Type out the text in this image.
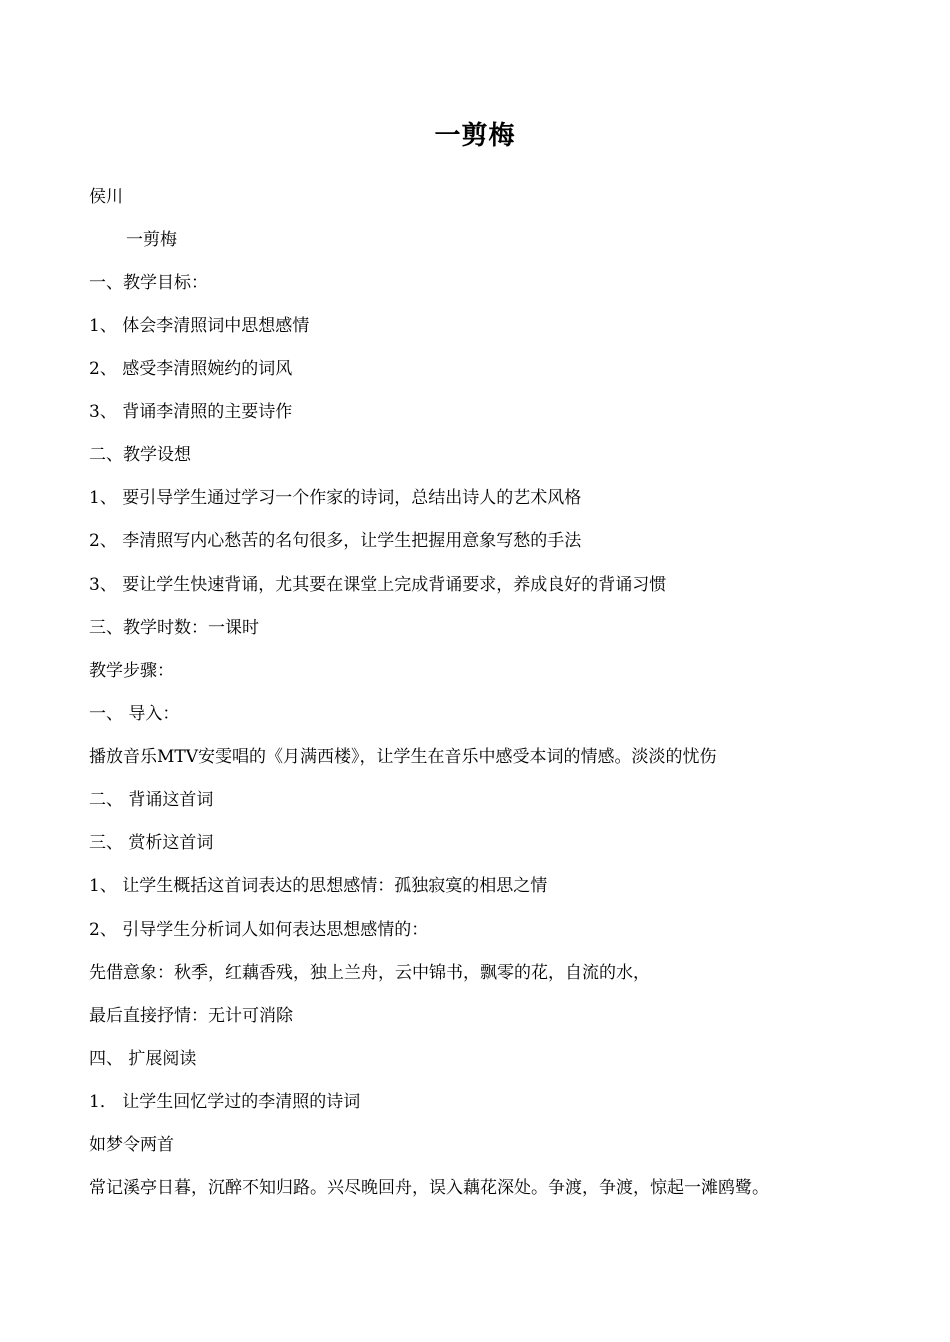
一剪梅
侯川
一剪梅
一、教学目标：
1、 体会李清照词中思想感情
2、 感受李清照婉约的词风
3、 背诵李清照的主要诗作
二、教学设想
1、 要引导学生通过学习一个作家的诗词，总结出诗人的艺术风格
2、 李清照写内心愁苦的名句很多，让学生把握用意象写愁的手法
3、 要让学生快速背诵，尤其要在课堂上完成背诵要求，养成良好的背诵习惯
三、教学时数：一课时
教学步骤：
一、 导入：
播放音乐MTV安雯唱的《月满西楼》，让学生在音乐中感受本词的情感。淡淡的忧伤
二、 背诵这首词
三、 赏析这首词
1、 让学生概括这首词表达的思想感情：孤独寂寞的相思之情
2、 引导学生分析词人如何表达思想感情的：
先借意象：秋季，红藕香残，独上兰舟，云中锦书，飘零的花，自流的水，
最后直接抒情：无计可消除
四、 扩展阅读
1． 让学生回忆学过的李清照的诗词
如梦令两首
常记溪亭日暮，沉醉不知归路。兴尽晚回舟，误入藕花深处。争渡，争渡，惊起一滩鸥鹭。
